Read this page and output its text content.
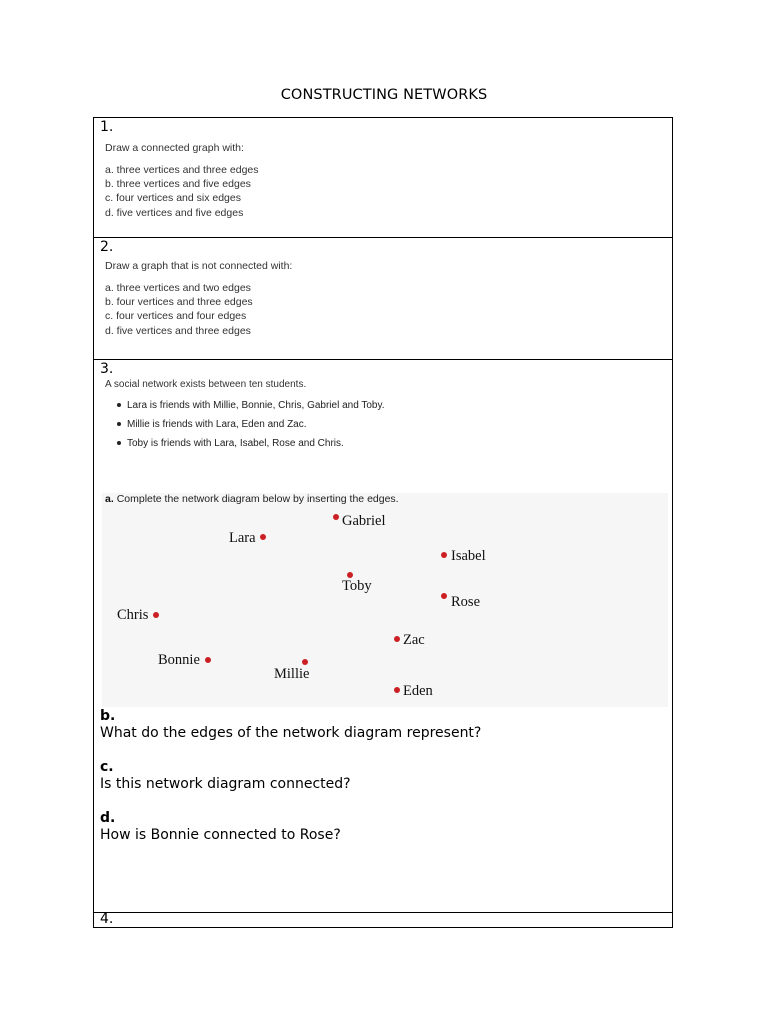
CONSTRUCTING NETWORKS
1.

Draw a connected graph with:

a. three vertices and three edges

b. three vertices and five edges

c. four vertices and six edges

d. five vertices and five edges

2.

Draw a graph that is not connected with:

a. three vertices and two edges

b. four vertices and three edges

c. four vertices and four edges

d. five vertices and three edges

3.

A social network exists between ten students.

Lara is friends with Millie, Bonnie, Chris, Gabriel and Toby.
Millie is friends with Lara, Eden and Zac.
Toby is friends with Lara, Isabel, Rose and Chris.
a. Complete the network diagram below by inserting the edges.
Gabriel
Lara
Isabel
Toby
Rose
Chris
Zac
Bonnie
Millie
Eden
b.
What do the edges of the network diagram represent?
c.
Is this network diagram connected?
d.
How is Bonnie connected to Rose?
4.
